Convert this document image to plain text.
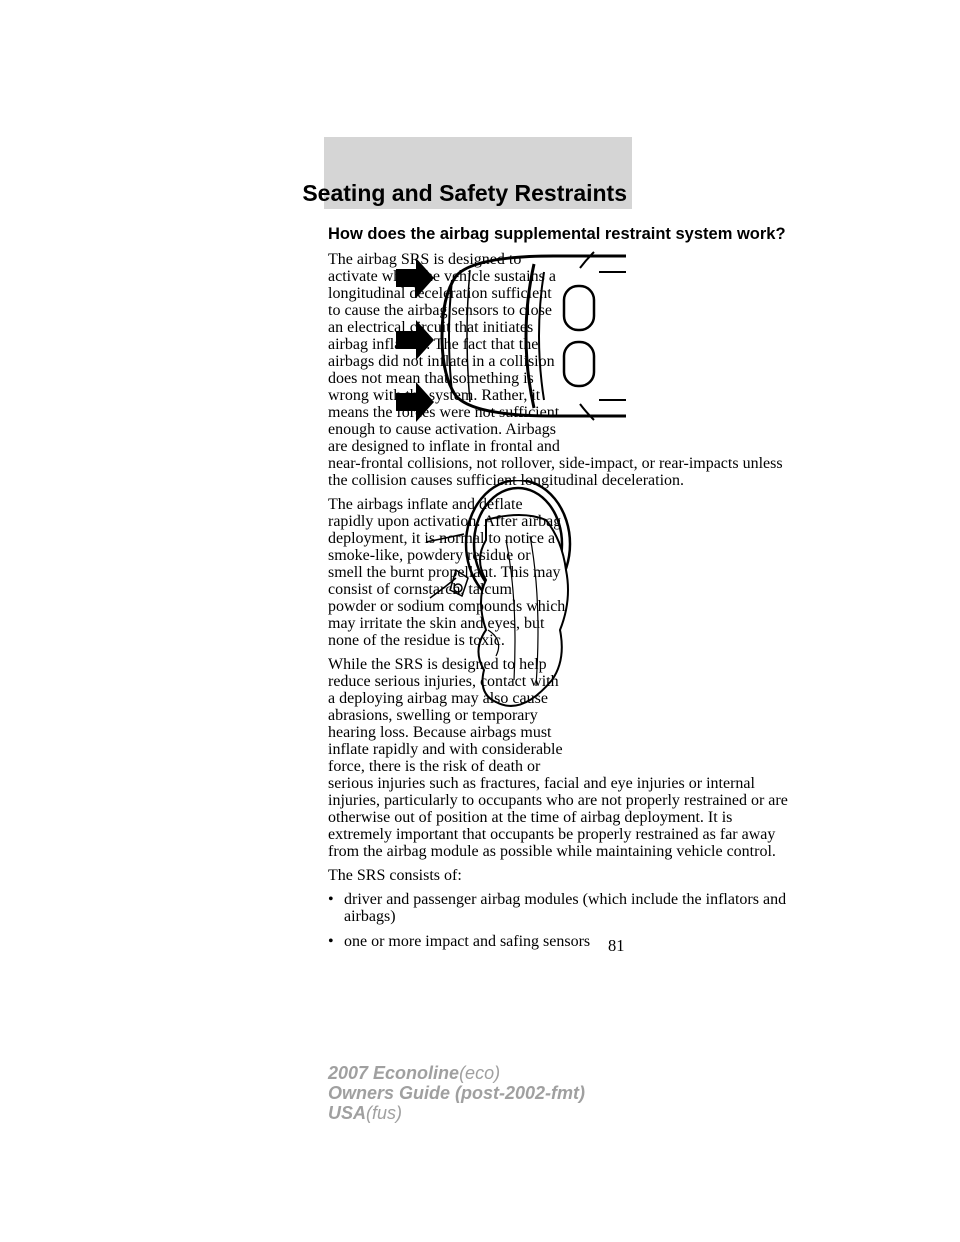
Seating and Safety Restraints
How does the airbag supplemental restraint system work?
The airbag SRS is designed to
activate when the vehicle sustains a
longitudinal deceleration sufficient
to cause the airbag sensors to close
an electrical circuit that initiates
airbag inflation. The fact that the
airbags did not inflate in a collision
does not mean that something is
wrong with the system. Rather, it
means the forces were not sufficient
enough to cause activation. Airbags
are designed to inflate in frontal and
near-frontal collisions, not rollover, side-impact, or rear-impacts unless
the collision causes sufficient longitudinal deceleration.
The airbags inflate and deflate
rapidly upon activation. After airbag
deployment, it is normal to notice a
smoke-like, powdery residue or
smell the burnt propellant. This may
consist of cornstarch, talcum
powder or sodium compounds which
may irritate the skin and eyes, but
none of the residue is toxic.
While the SRS is designed to help
reduce serious injuries, contact with
a deploying airbag may also cause
abrasions, swelling or temporary
hearing loss. Because airbags must
inflate rapidly and with considerable
force, there is the risk of death or
serious injuries such as fractures, facial and eye injuries or internal
injuries, particularly to occupants who are not properly restrained or are
otherwise out of position at the time of airbag deployment. It is
extremely important that occupants be properly restrained as far away
from the airbag module as possible while maintaining vehicle control.
The SRS consists of:
• driver and passenger airbag modules (which include the inflators and
airbags)
• one or more impact and safing sensors	81
2007 Econoline(eco)
Owners Guide (post-2002-fmt)
USA(fus)
